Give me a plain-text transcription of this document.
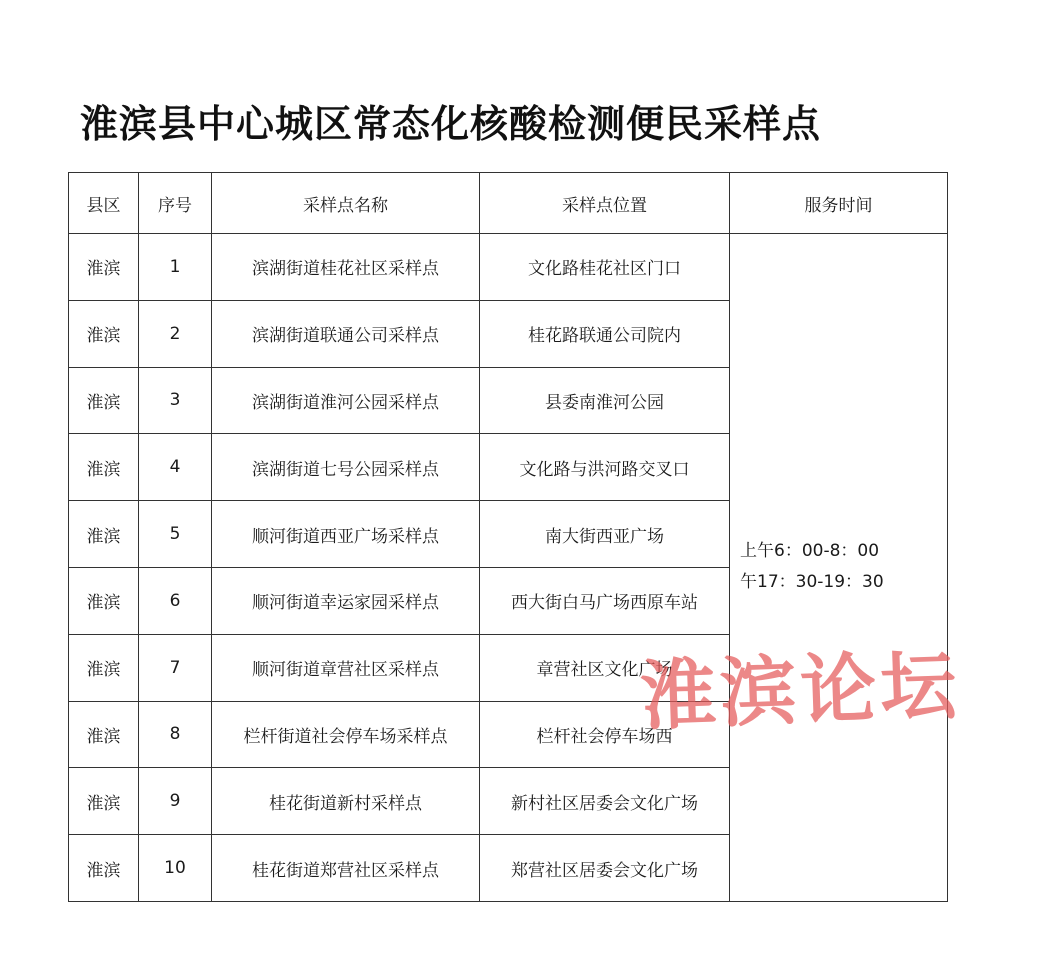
淮滨县中心城区常态化核酸检测便民采样点
县区	序号	采样点名称	采样点位置	服务时间
淮滨	1	滨湖街道桂花社区采样点	文化路桂花社区门口	上午6：00-8：00
午17：30-19：30

淮滨	2	滨湖街道联通公司采样点	桂花路联通公司院内	
淮滨	3	滨湖街道淮河公园采样点	县委南淮河公园	
淮滨	4	滨湖街道七号公园采样点	文化路与洪河路交叉口	
淮滨	5	顺河街道西亚广场采样点	南大街西亚广场	
淮滨	6	顺河街道幸运家园采样点	西大街白马广场西原车站	
淮滨	7	顺河街道章营社区采样点	章营社区文化广场	
淮滨	8	栏杆街道社会停车场采样点	栏杆社会停车场西	
淮滨	9	桂花街道新村采样点	新村社区居委会文化广场	
淮滨	10	桂花街道郑营社区采样点	郑营社区居委会文化广场	
淮滨论坛
